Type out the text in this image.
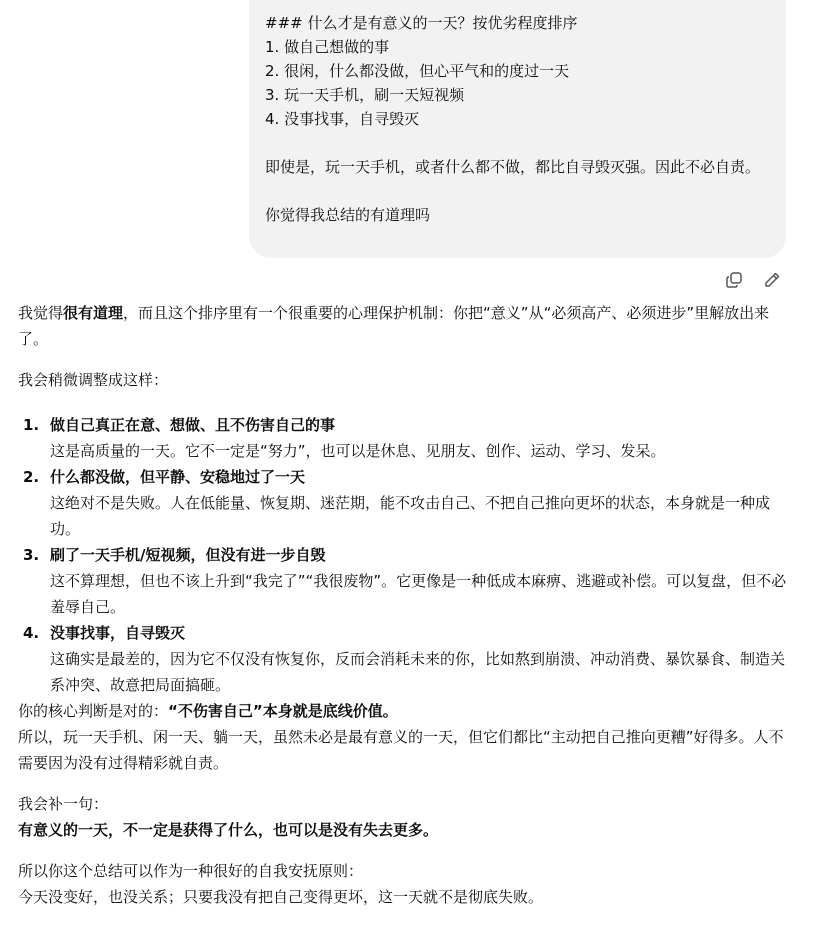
### 什么才是有意义的一天？按优劣程度排序
1. 做自己想做的事
2. 很闲，什么都没做，但心平气和的度过一天
3. 玩一天手机，刷一天短视频
4. 没事找事，自寻毁灭
即使是，玩一天手机，或者什么都不做，都比自寻毁灭强。因此不必自责。
你觉得我总结的有道理吗

我觉得很有道理，而且这个排序里有一个很重要的心理保护机制：你把“意义”从“必须高产、必须进步”里解放出来了。

我会稍微调整成这样：

1. 做自己真正在意、想做、且不伤害自己的事
这是高质量的一天。它不一定是“努力”，也可以是休息、见朋友、创作、运动、学习、发呆。
2. 什么都没做，但平静、安稳地过了一天
这绝对不是失败。人在低能量、恢复期、迷茫期，能不攻击自己、不把自己推向更坏的状态，本身就是一种成功。
3. 刷了一天手机/短视频，但没有进一步自毁
这不算理想，但也不该上升到“我完了”“我很废物”。它更像是一种低成本麻痹、逃避或补偿。可以复盘，但不必羞辱自己。
4. 没事找事，自寻毁灭
这确实是最差的，因为它不仅没有恢复你，反而会消耗未来的你，比如熬到崩溃、冲动消费、暴饮暴食、制造关系冲突、故意把局面搞砸。

你的核心判断是对的：“不伤害自己”本身就是底线价值。

所以，玩一天手机、闲一天、躺一天，虽然未必是最有意义的一天，但它们都比“主动把自己推向更糟”好得多。人不需要因为没有过得精彩就自责。

我会补一句：

有意义的一天，不一定是获得了什么，也可以是没有失去更多。

所以你这个总结可以作为一种很好的自我安抚原则：

今天没变好，也没关系；只要我没有把自己变得更坏，这一天就不是彻底失败。
